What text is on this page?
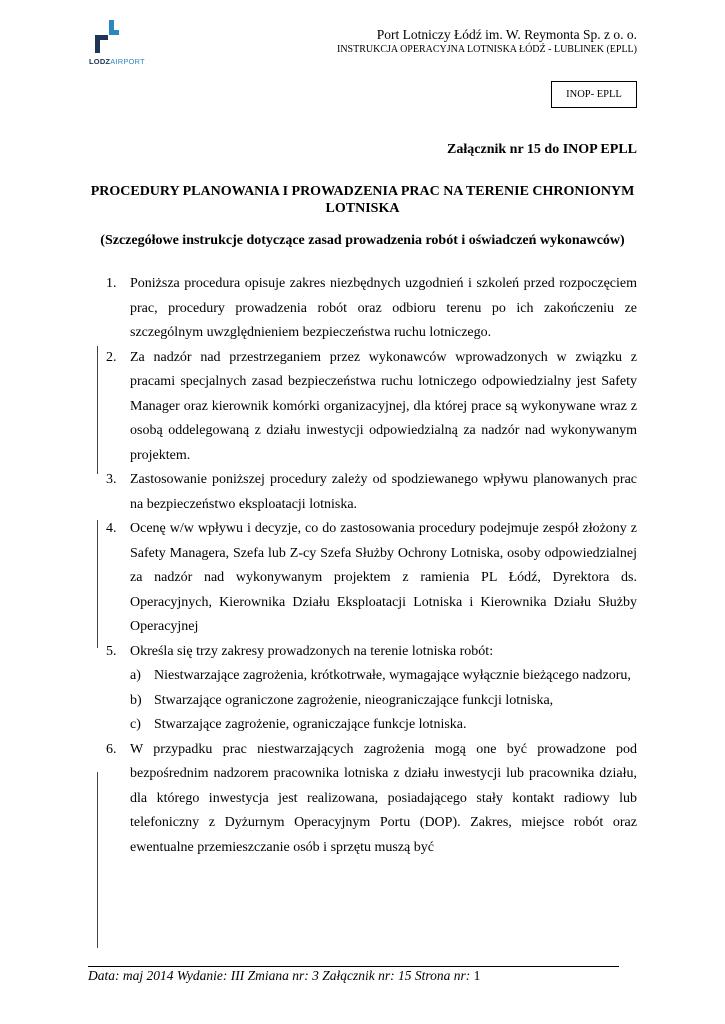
LODZAIRPORT
Port Lotniczy Łódź im. W. Reymonta Sp. z o. o.
INSTRUKCJA OPERACYJNA LOTNISKA ŁÓDŹ - LUBLINEK (EPLL)
INOP- EPLL
Załącznik nr 15 do INOP EPLL
PROCEDURY PLANOWANIA I PROWADZENIA PRAC NA TERENIE CHRONIONYM LOTNISKA
(Szczegółowe instrukcje dotyczące zasad prowadzenia robót i oświadczeń wykonawców)
1. Poniższa procedura opisuje zakres niezbędnych uzgodnień i szkoleń przed rozpoczęciem prac, procedury prowadzenia robót oraz odbioru terenu po ich zakończeniu ze szczególnym uwzględnieniem bezpieczeństwa ruchu lotniczego.
2. Za nadzór nad przestrzeganiem przez wykonawców wprowadzonych w związku z pracami specjalnych zasad bezpieczeństwa ruchu lotniczego odpowiedzialny jest Safety Manager oraz kierownik komórki organizacyjnej, dla której prace są wykonywane wraz z osobą oddelegowaną z działu inwestycji odpowiedzialną za nadzór nad wykonywanym projektem.
3. Zastosowanie poniższej procedury zależy od spodziewanego wpływu planowanych prac na bezpieczeństwo eksploatacji lotniska.
4. Ocenę w/w wpływu i decyzje, co do zastosowania procedury podejmuje zespół złożony z Safety Managera, Szefa lub Z-cy Szefa Służby Ochrony Lotniska, osoby odpowiedzialnej za nadzór nad wykonywanym projektem z ramienia PL Łódź, Dyrektora ds. Operacyjnych, Kierownika Działu Eksploatacji Lotniska i Kierownika Działu Służby Operacyjnej
5. Określa się trzy zakresy prowadzonych na terenie lotniska robót:
a) Niestwarzające zagrożenia, krótkotrwałe, wymagające wyłącznie bieżącego nadzoru,
b) Stwarzające ograniczone zagrożenie, nieograniczające funkcji lotniska,
c) Stwarzające zagrożenie, ograniczające funkcje lotniska.
6. W przypadku prac niestwarzających zagrożenia mogą one być prowadzone pod bezpośrednim nadzorem pracownika lotniska z działu inwestycji lub pracownika działu, dla którego inwestycja jest realizowana, posiadającego stały kontakt radiowy lub telefoniczny z Dyżurnym Operacyjnym Portu (DOP). Zakres, miejsce robót oraz ewentualne przemieszczanie osób i sprzętu muszą być
Data: maj 2014 Wydanie: III Zmiana nr: 3 Załącznik nr: 15 Strona nr: 1
